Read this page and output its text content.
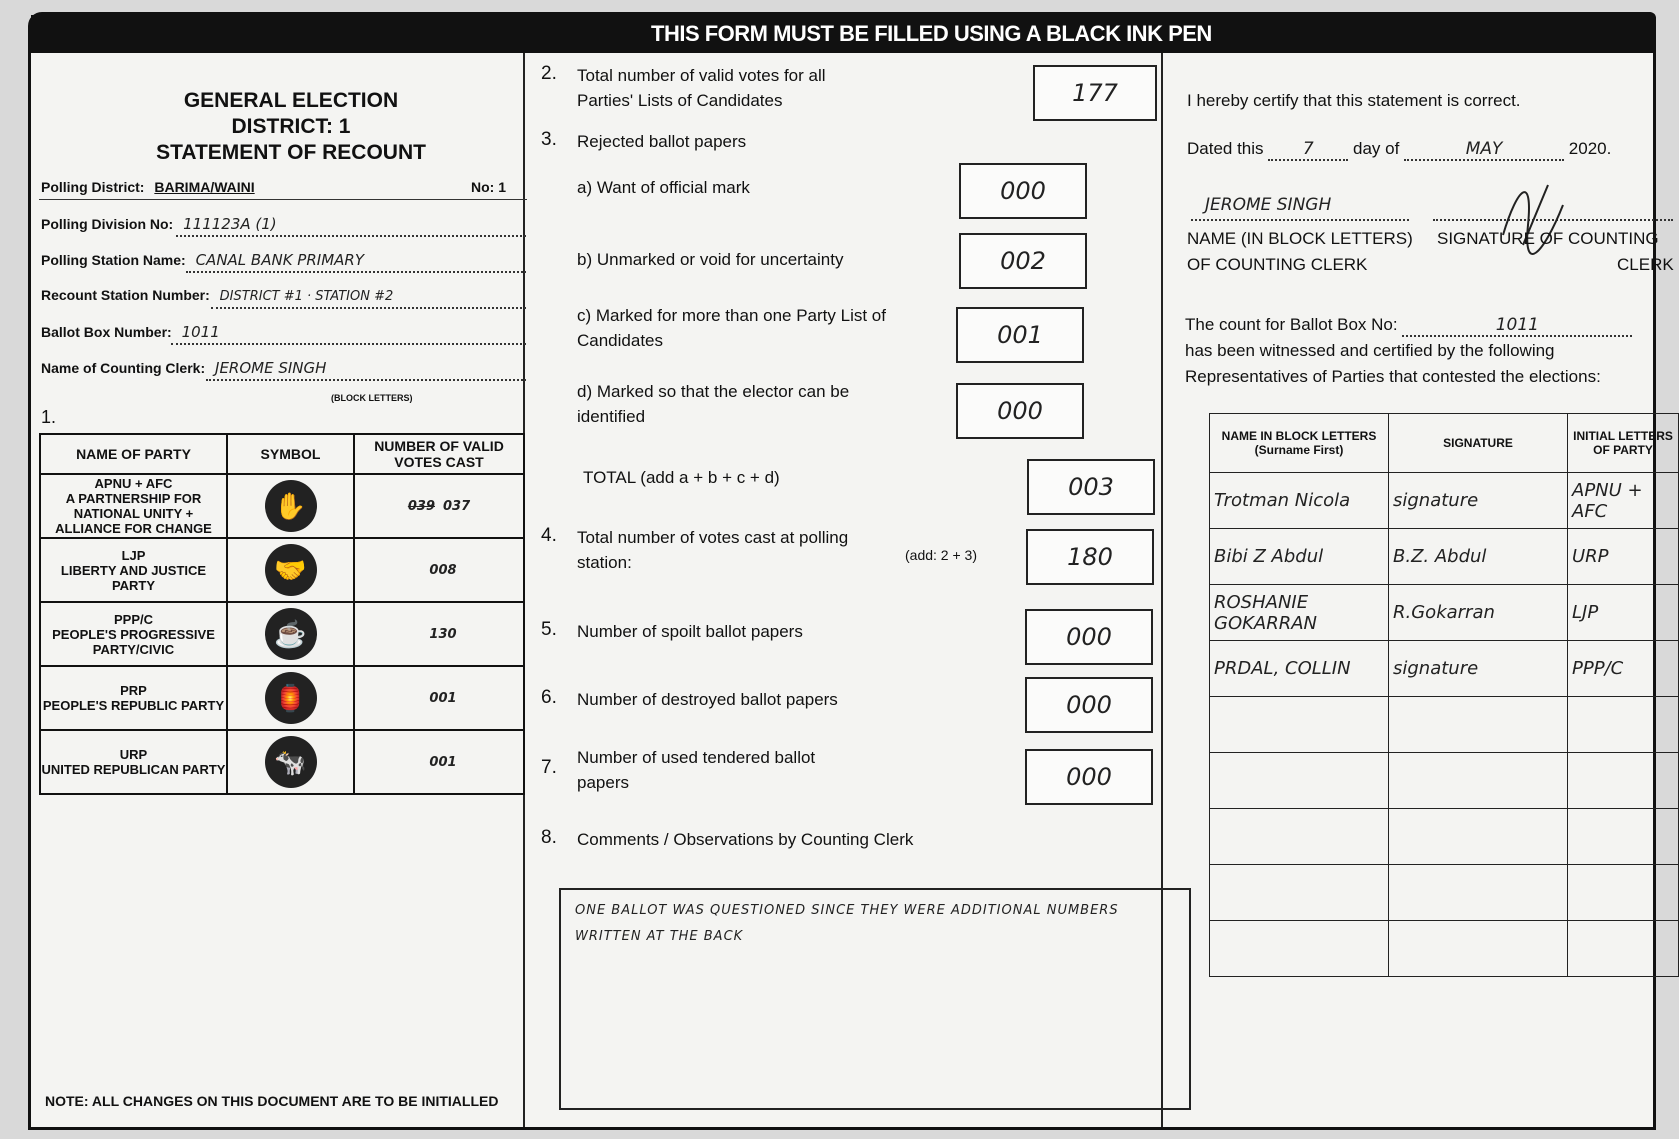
THIS FORM MUST BE FILLED USING A BLACK INK PEN
GENERAL ELECTION
DISTRICT: 1
STATEMENT OF RECOUNT
Polling District: BARIMA/WAINI	No: 1
Polling Division No: 111123A (1)
Polling Station Name: CANAL BANK PRIMARY
Recount Station Number: DISTRICT #1 · STATION #2
Ballot Box Number: 1011
Name of Counting Clerk: JEROME SINGH
(BLOCK LETTERS)
1.
NAME OF PARTY	SYMBOL	NUMBER OF VALID VOTES CAST
APNU + AFC
A PARTNERSHIP FOR NATIONAL UNITY + ALLIANCE FOR CHANGE	✋	039 037
LJP
LIBERTY AND JUSTICE PARTY	🤝	008
PPP/C
PEOPLE'S PROGRESSIVE PARTY/CIVIC	☕	130
PRP
PEOPLE'S REPUBLIC PARTY	🏮	001
URP
UNITED REPUBLICAN PARTY	🐄	001
2. Total number of valid votes for all Parties' Lists of Candidates	177
3. Rejected ballot papers
a) Want of official mark	000
b) Unmarked or void for uncertainty	002
c) Marked for more than one Party List of Candidates	001
d) Marked so that the elector can be identified	000
TOTAL (add a + b + c + d)	003
4. Total number of votes cast at polling station:	(add: 2 + 3)	180
5. Number of spoilt ballot papers	000
6. Number of destroyed ballot papers	000
7. Number of used tendered ballot papers	000
8. Comments / Observations by Counting Clerk
ONE BALLOT WAS QUESTIONED SINCE THEY WERE ADDITIONAL NUMBERS
WRITTEN AT THE BACK
I hereby certify that this statement is correct.
Dated this 7 day of	MAY	2020.
JEROME SINGH
NAME (IN BLOCK LETTERS)
OF COUNTING CLERK
SIGNATURE OF COUNTING
CLERK
The count for Ballot Box No:	1011
has been witnessed and certified by the following
Representatives of Parties that contested the elections:
NAME IN BLOCK LETTERS (Surname First)	SIGNATURE	INITIAL LETTERS OF PARTY
Trotman Nicola	signature	APNU + AFC
Bibi Z Abdul	B.Z. Abdul	URP
ROSHANIE GOKARRAN	R.Gokarran	LJP
PRDAL, COLLIN	signature	PPP/C

NOTE: ALL CHANGES ON THIS DOCUMENT ARE TO BE INITIALLED
